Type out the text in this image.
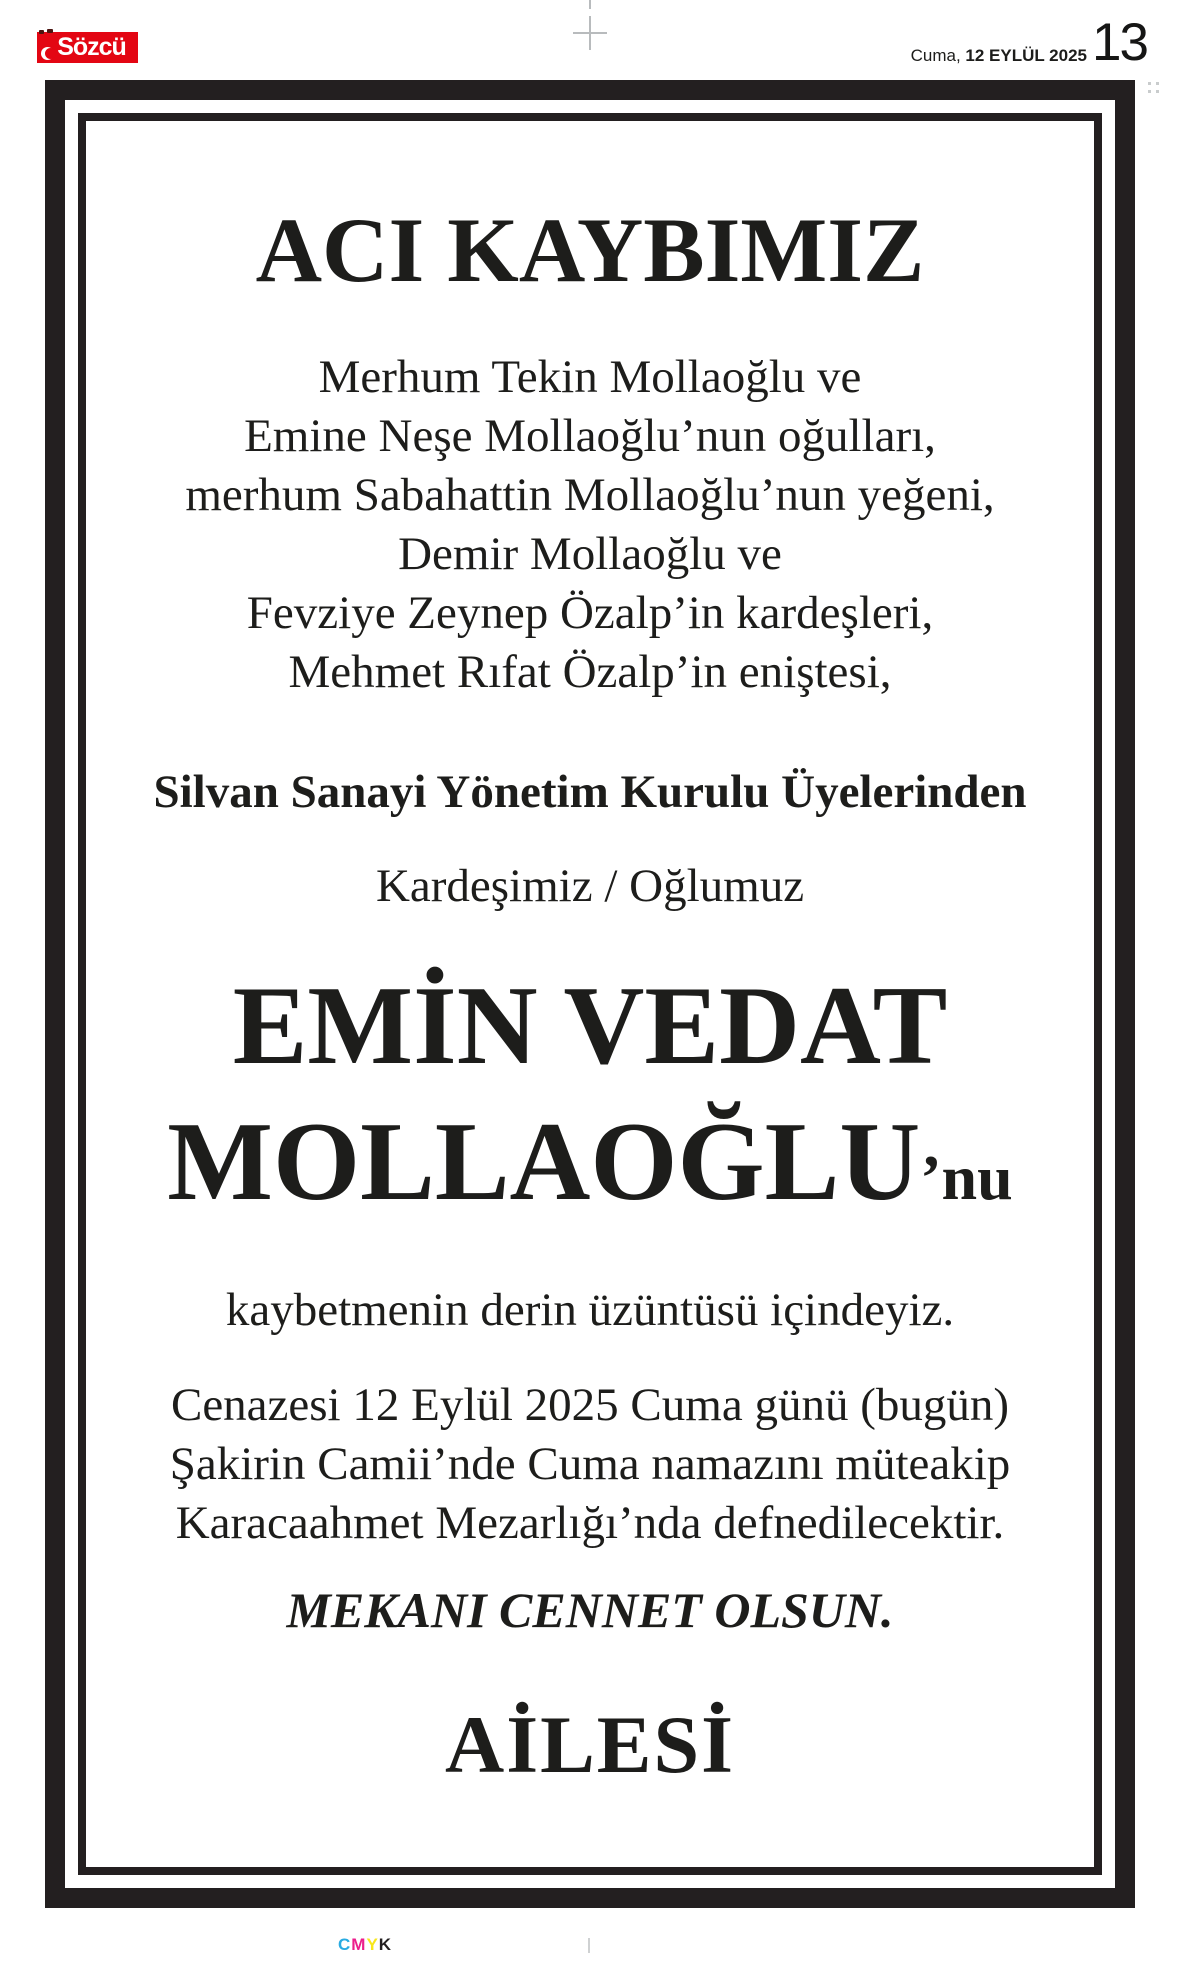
Sözcü	Cuma, 12 EYLÜL 2025 13
ACI KAYBIMIZ
Merhum Tekin Mollaoğlu ve
Emine Neşe Mollaoğlu’nun oğulları,
merhum Sabahattin Mollaoğlu’nun yeğeni,
Demir Mollaoğlu ve
Fevziye Zeynep Özalp’in kardeşleri,
Mehmet Rıfat Özalp’in eniştesi,
Silvan Sanayi Yönetim Kurulu Üyelerinden
Kardeşimiz / Oğlumuz
EMİN VEDAT
MOLLAOĞLU’nu
kaybetmenin derin üzüntüsü içindeyiz.
Cenazesi 12 Eylül 2025 Cuma günü (bugün)
Şakirin Camii’nde Cuma namazını müteakip
Karacaahmet Mezarlığı’nda defnedilecektir.
MEKANI CENNET OLSUN.
AİLESİ
CMYK
